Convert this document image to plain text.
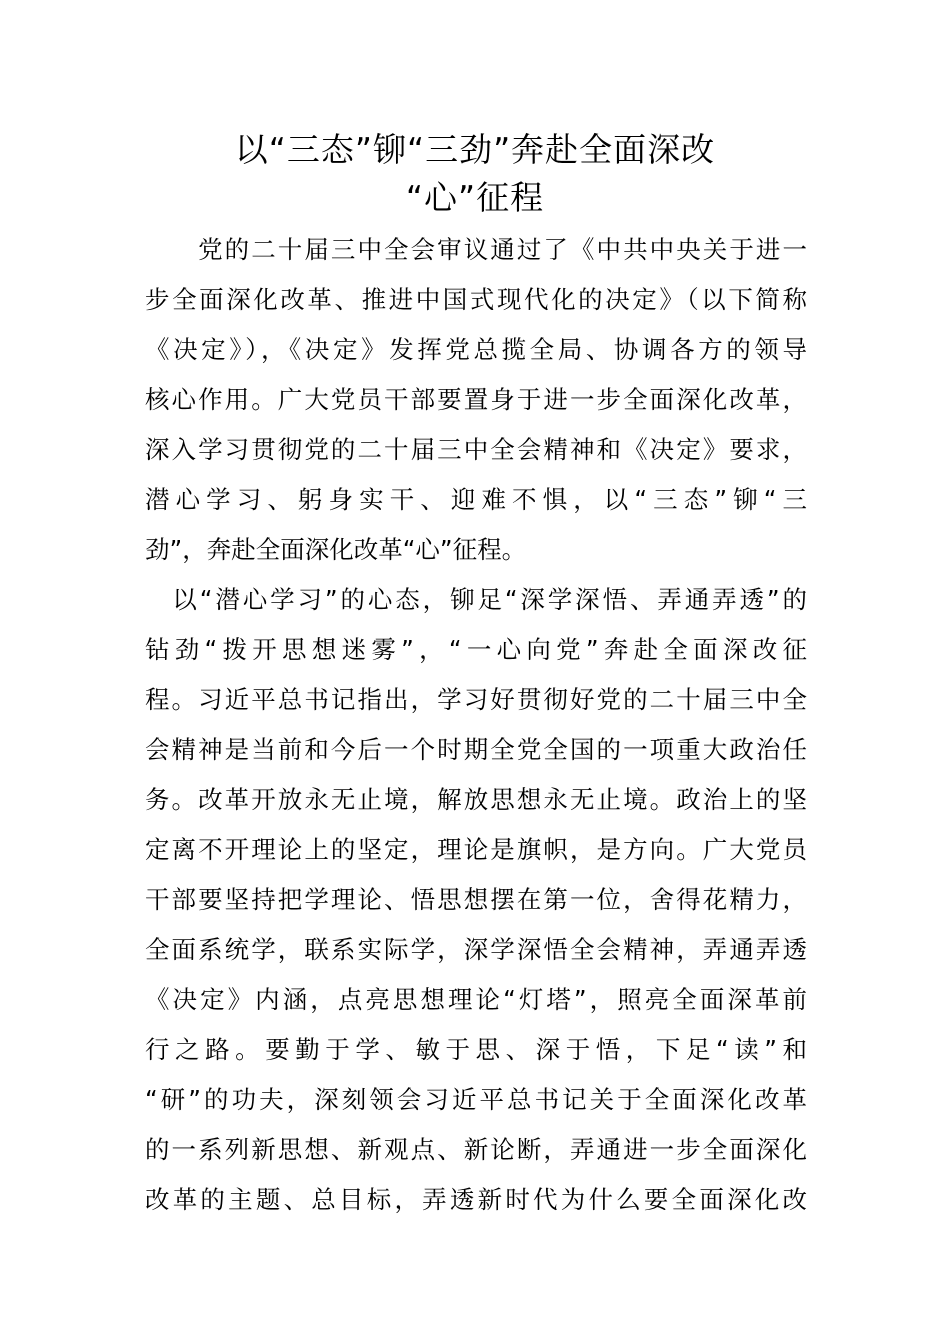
以“三态”铆“三劲”奔赴全面深改
“心”征程
　　党的二十届三中全会审议通过了《中共中央关于进一
步全面深化改革、推进中国式现代化的决定》（以下简称
《决定》），《决定》发挥党总揽全局、协调各方的领导
核心作用。广大党员干部要置身于进一步全面深化改革，
深入学习贯彻党的二十届三中全会精神和《决定》要求，
潜心学习、躬身实干、迎难不惧，以“三态”铆“三
劲”，奔赴全面深化改革“心”征程。
　以“潜心学习”的心态，铆足“深学深悟、弄通弄透”的
钻劲“拨开思想迷雾”，“一心向党”奔赴全面深改征
程。习近平总书记指出，学习好贯彻好党的二十届三中全
会精神是当前和今后一个时期全党全国的一项重大政治任
务。改革开放永无止境，解放思想永无止境。政治上的坚
定离不开理论上的坚定，理论是旗帜，是方向。广大党员
干部要坚持把学理论、悟思想摆在第一位，舍得花精力，
全面系统学，联系实际学，深学深悟全会精神，弄通弄透
《决定》内涵，点亮思想理论“灯塔”，照亮全面深革前
行之路。要勤于学、敏于思、深于悟，下足“读”和
“研”的功夫，深刻领会习近平总书记关于全面深化改革
的一系列新思想、新观点、新论断，弄通进一步全面深化
改革的主题、总目标，弄透新时代为什么要全面深化改
